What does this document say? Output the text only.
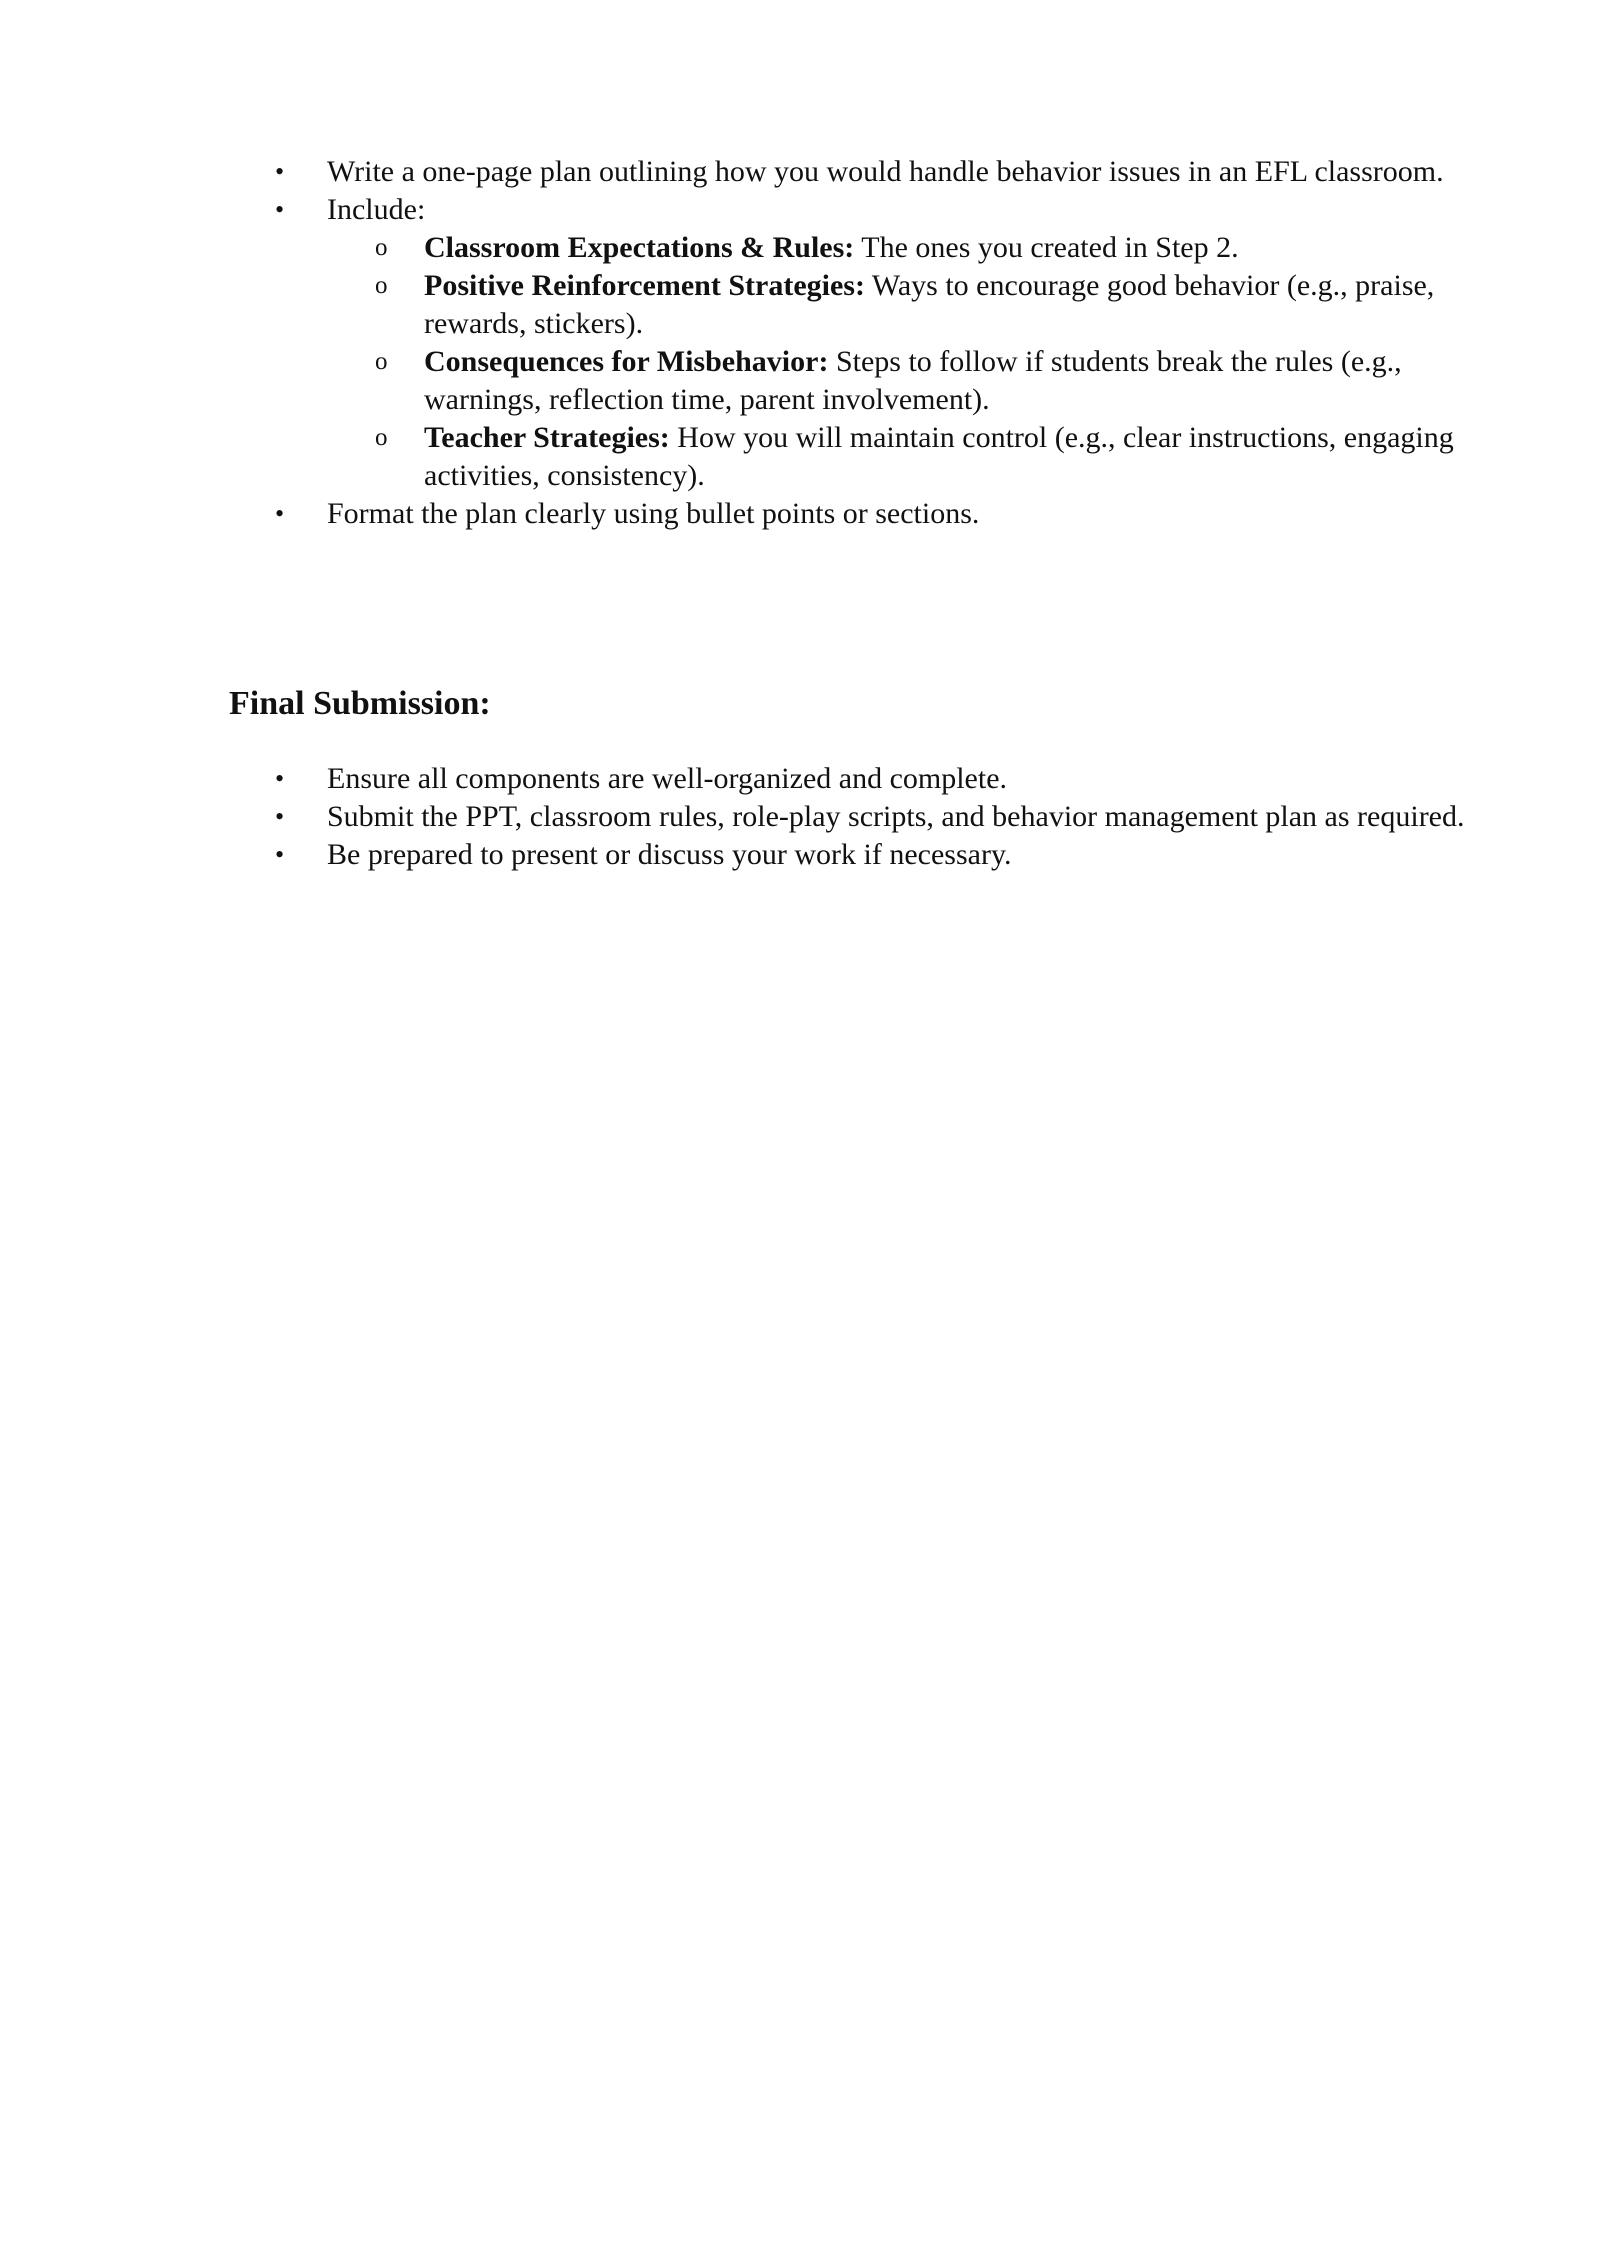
• Write a one-page plan outlining how you would handle behavior issues in an EFL classroom.
• Include:
o Classroom Expectations & Rules: The ones you created in Step 2.
o Positive Reinforcement Strategies: Ways to encourage good behavior (e.g., praise, rewards, stickers).
o Consequences for Misbehavior: Steps to follow if students break the rules (e.g., warnings, reflection time, parent involvement).
o Teacher Strategies: How you will maintain control (e.g., clear instructions, engaging activities, consistency).
• Format the plan clearly using bullet points or sections.
Final Submission:
• Ensure all components are well-organized and complete.
• Submit the PPT, classroom rules, role-play scripts, and behavior management plan as required.
• Be prepared to present or discuss your work if necessary.
